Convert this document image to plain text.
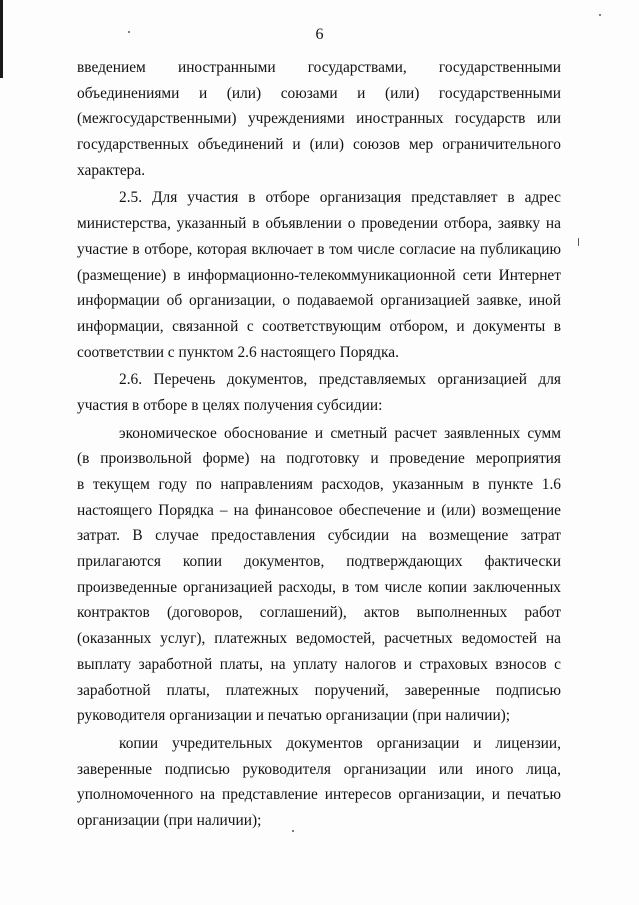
6
введением иностранными государствами, государственными
объединениями и (или) союзами и (или) государственными
(межгосударственными) учреждениями иностранных государств или
государственных объединений и (или) союзов мер ограничительного
характера.
2.5. Для участия в отборе организация представляет в адрес
министерства, указанный в объявлении о проведении отбора, заявку на
участие в отборе, которая включает в том числе согласие на публикацию
(размещение) в информационно-телекоммуникационной сети Интернет
информации об организации, о подаваемой организацией заявке, иной
информации, связанной с соответствующим отбором, и документы в
соответствии с пунктом 2.6 настоящего Порядка.
2.6. Перечень документов, представляемых организацией для
участия в отборе в целях получения субсидии:
экономическое обоснование и сметный расчет заявленных сумм
(в произвольной форме) на подготовку и проведение мероприятия
в текущем году по направлениям расходов, указанным в пункте 1.6
настоящего Порядка – на финансовое обеспечение и (или) возмещение
затрат. В случае предоставления субсидии на возмещение затрат
прилагаются копии документов, подтверждающих фактически
произведенные организацией расходы, в том числе копии заключенных
контрактов (договоров, соглашений), актов выполненных работ
(оказанных услуг), платежных ведомостей, расчетных ведомостей на
выплату заработной платы, на уплату налогов и страховых взносов с
заработной платы, платежных поручений, заверенные подписью
руководителя организации и печатью организации (при наличии);
копии учредительных документов организации и лицензии,
заверенные подписью руководителя организации или иного лица,
уполномоченного на представление интересов организации, и печатью
организации (при наличии);
